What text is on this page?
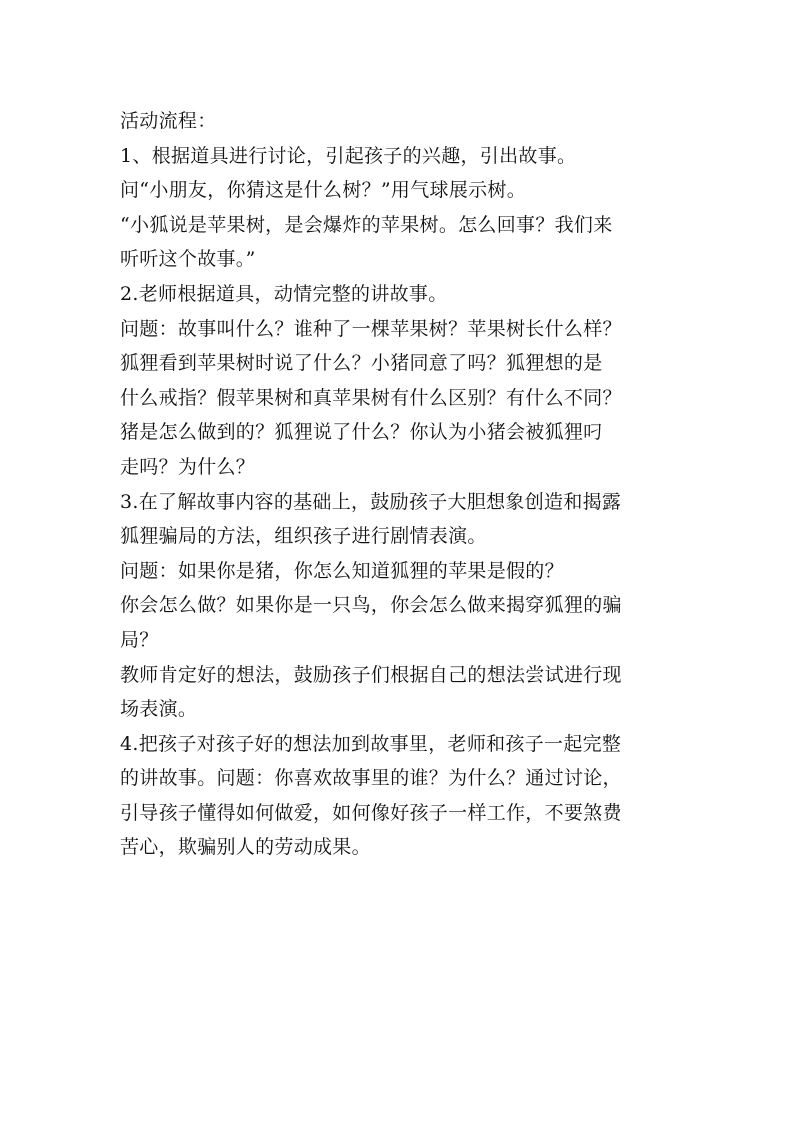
活动流程：
1、根据道具进行讨论，引起孩子的兴趣，引出故事。
问“小朋友，你猜这是什么树？”用气球展示树。
“小狐说是苹果树，是会爆炸的苹果树。怎么回事？我们来
听听这个故事。”
2.老师根据道具，动情完整的讲故事。
问题：故事叫什么？谁种了一棵苹果树？苹果树长什么样？
狐狸看到苹果树时说了什么？小猪同意了吗？狐狸想的是
什么戒指？假苹果树和真苹果树有什么区别？有什么不同？
猪是怎么做到的？狐狸说了什么？你认为小猪会被狐狸叼
走吗？为什么？
3.在了解故事内容的基础上，鼓励孩子大胆想象创造和揭露
狐狸骗局的方法，组织孩子进行剧情表演。
问题：如果你是猪，你怎么知道狐狸的苹果是假的？
你会怎么做？如果你是一只鸟，你会怎么做来揭穿狐狸的骗
局？
教师肯定好的想法，鼓励孩子们根据自己的想法尝试进行现
场表演。
4.把孩子对孩子好的想法加到故事里，老师和孩子一起完整
的讲故事。问题：你喜欢故事里的谁？为什么？通过讨论，
引导孩子懂得如何做爱，如何像好孩子一样工作，不要煞费
苦心，欺骗别人的劳动成果。
